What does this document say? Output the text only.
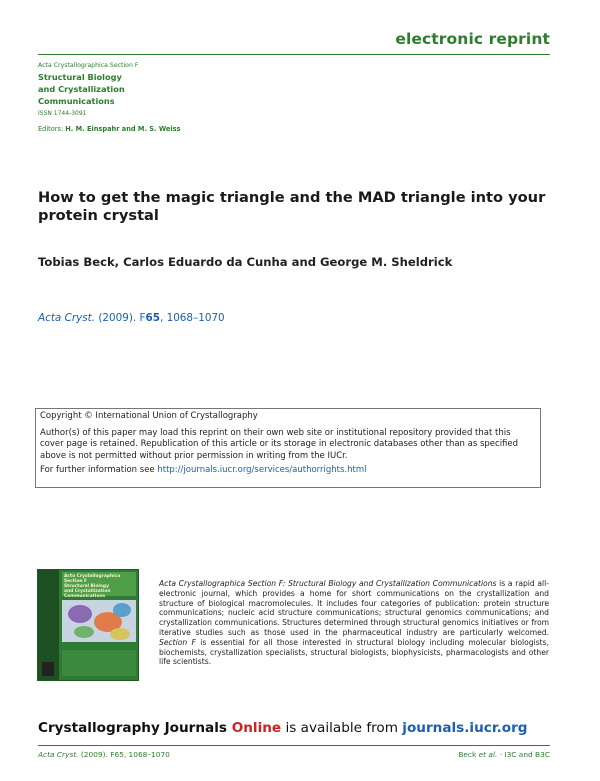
electronic reprint
Acta Crystallographica Section F
Structural Biology
and Crystallization
Communications
ISSN 1744-3091
Editors: H. M. Einspahr and M. S. Weiss
How to get the magic triangle and the MAD triangle into your protein crystal
Tobias Beck, Carlos Eduardo da Cunha and George M. Sheldrick
Acta Cryst. (2009). F65, 1068–1070

Copyright © International Union of Crystallography

Author(s) of this paper may load this reprint on their own web site or institutional repository provided that this cover page is retained. Republication of this article or its storage in electronic databases other than as specified above is not permitted without prior permission in writing from the IUCr.

For further information see http://journals.iucr.org/services/authorrights.html

Acta Crystallographica Section F
Structural Biology
and Crystallization
Communications
Acta Crystallographica Section F: Structural Biology and Crystallization Communications is a rapid all-electronic journal, which provides a home for short communications on the crystallization and structure of biological macromolecules. It includes four categories of publication: protein structure communications; nucleic acid structure communications; structural genomics communications; and crystallization communications. Structures determined through structural genomics initiatives or from iterative studies such as those used in the pharmaceutical industry are particularly welcomed. Section F is essential for all those interested in structural biology including molecular biologists, biochemists, crystallization specialists, structural biologists, biophysicists, pharmacologists and other life scientists.
Crystallography Journals Online is available from journals.iucr.org
Acta Cryst. (2009). F65, 1068–1070	Beck et al. · I3C and B3C
